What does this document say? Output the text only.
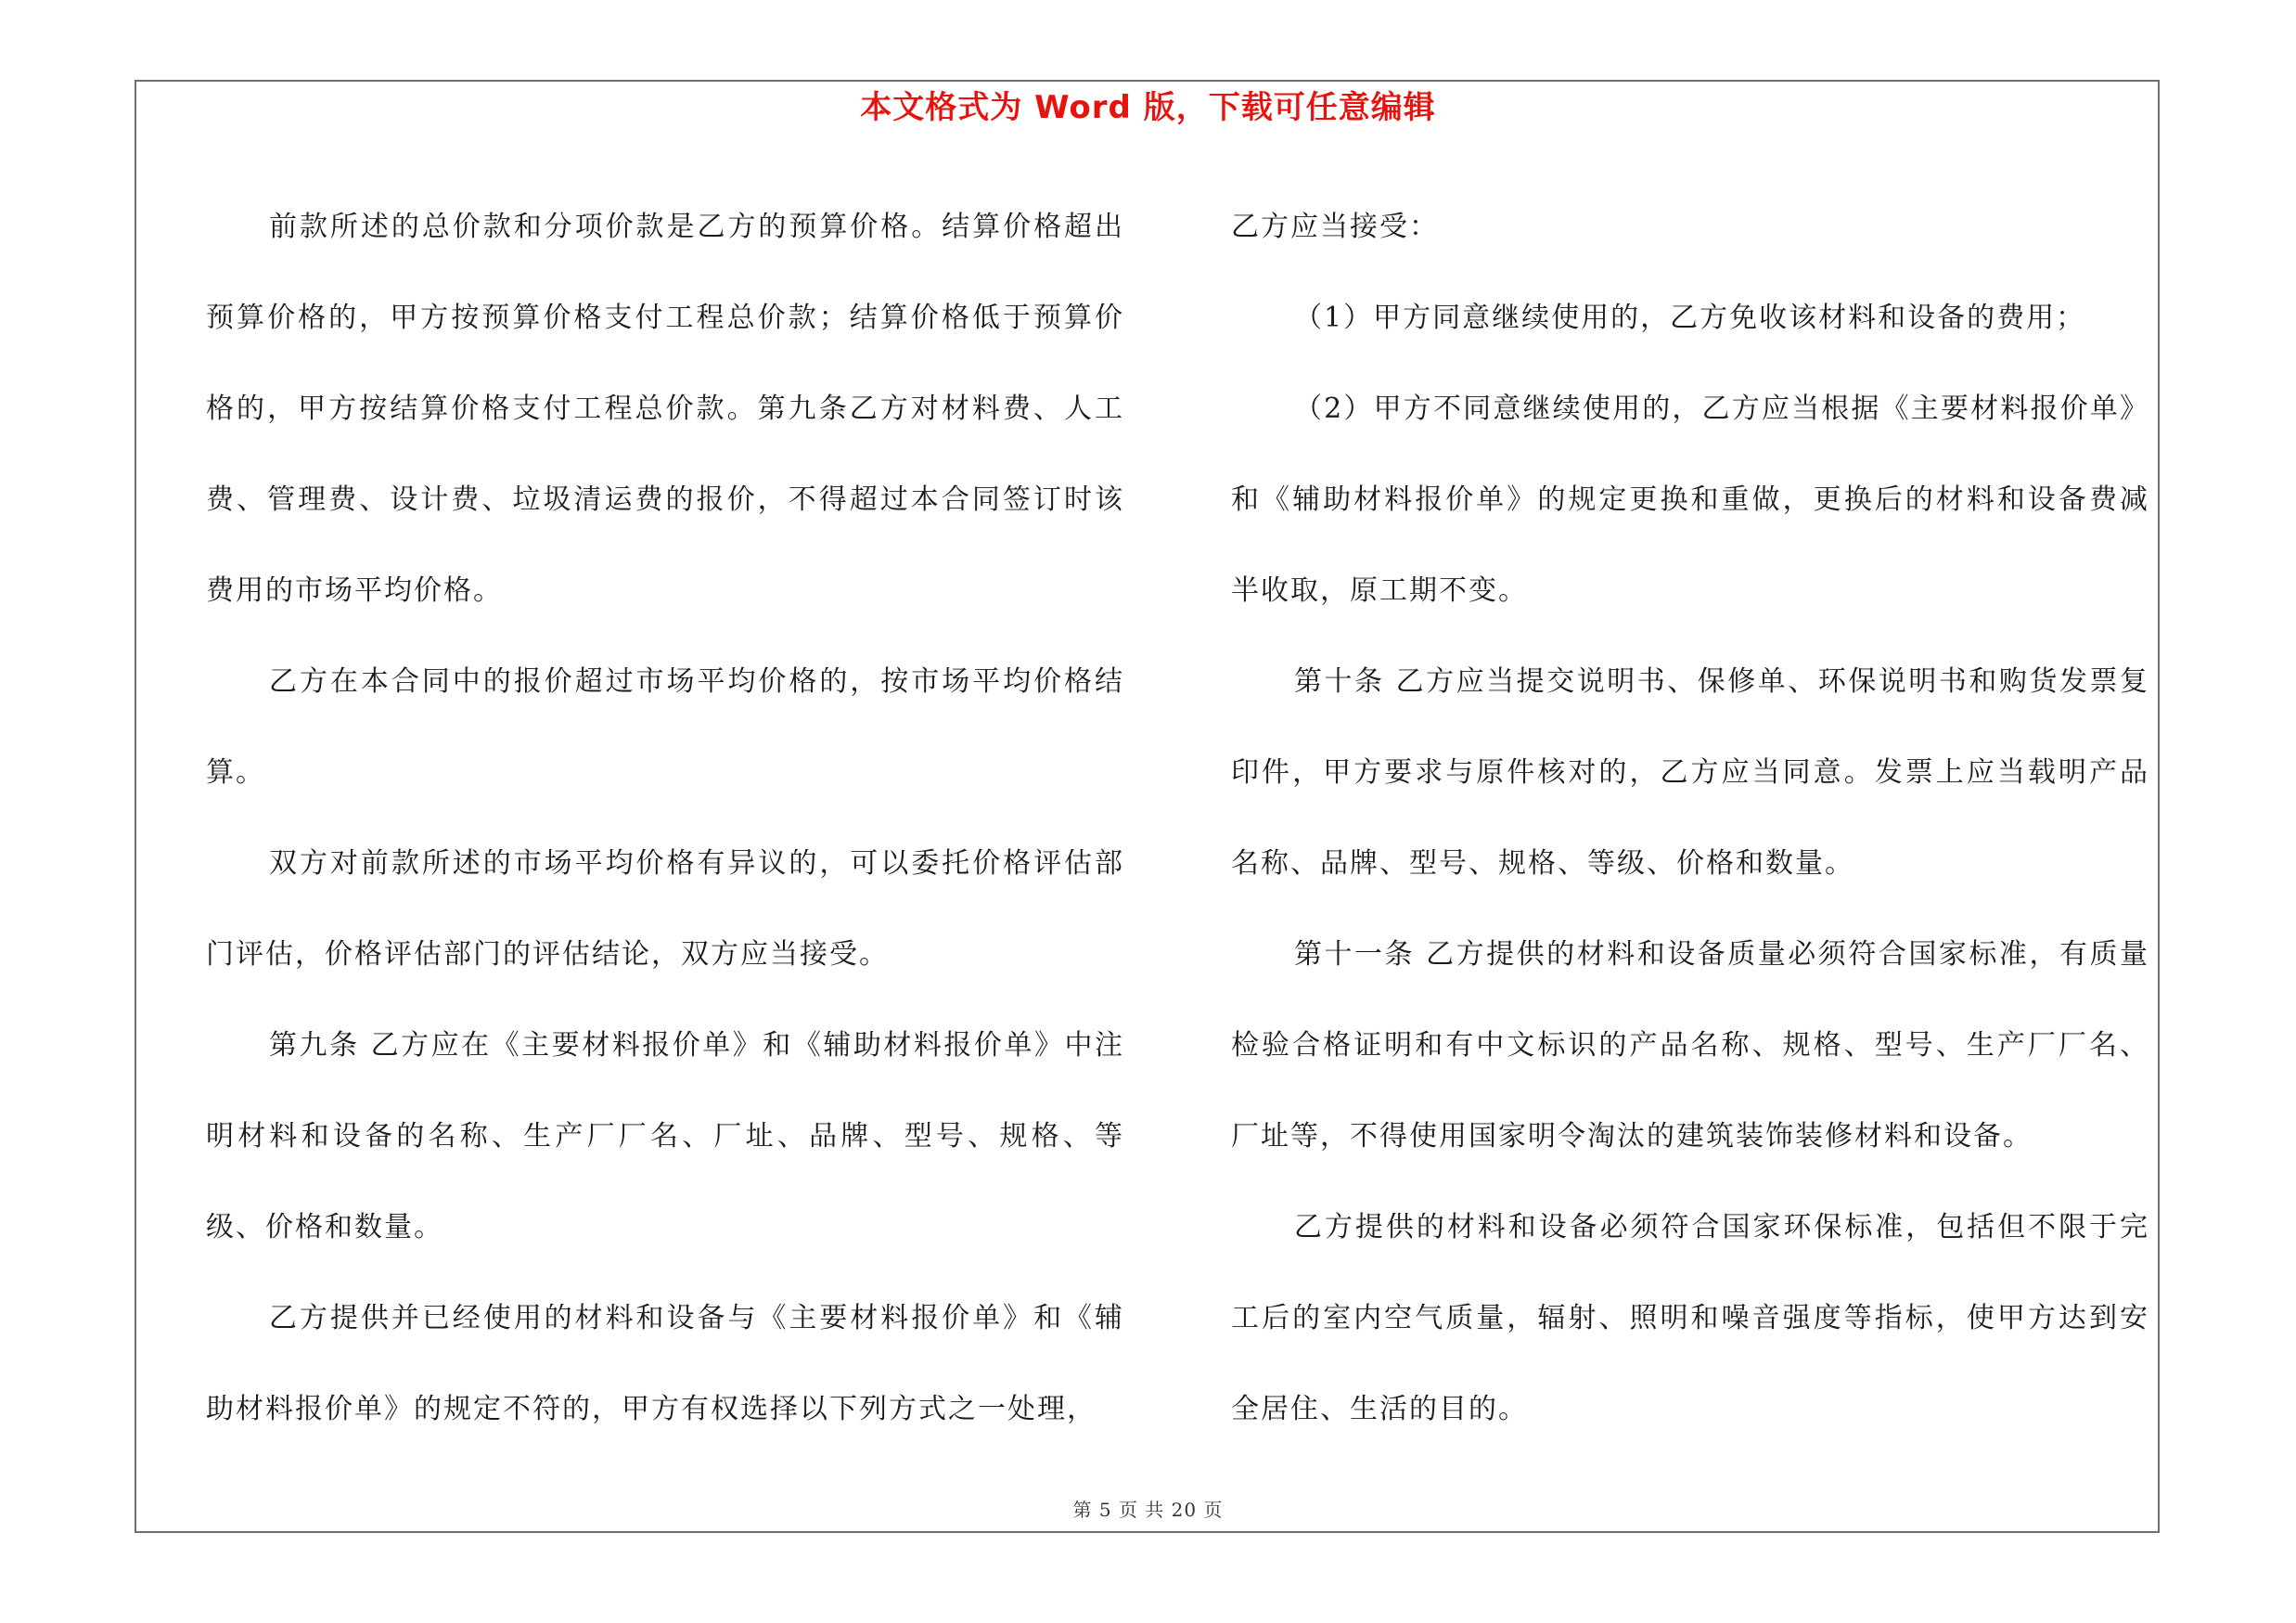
本文格式为 Word 版，下载可任意编辑

前款所述的总价款和分项价款是乙方的预算价格。结算价格超出预算价格的，甲方按预算价格支付工程总价款；结算价格低于预算价格的，甲方按结算价格支付工程总价款。第九条乙方对材料费、人工费、管理费、设计费、垃圾清运费的报价，不得超过本合同签订时该费用的市场平均价格。

乙方在本合同中的报价超过市场平均价格的，按市场平均价格结算。

双方对前款所述的市场平均价格有异议的，可以委托价格评估部门评估，价格评估部门的评估结论，双方应当接受。

第九条 乙方应在《主要材料报价单》和《辅助材料报价单》中注明材料和设备的名称、生产厂厂名、厂址、品牌、型号、规格、等级、价格和数量。

乙方提供并已经使用的材料和设备与《主要材料报价单》和《辅助材料报价单》的规定不符的，甲方有权选择以下列方式之一处理，

乙方应当接受：

（1）甲方同意继续使用的，乙方免收该材料和设备的费用；

（2）甲方不同意继续使用的，乙方应当根据《主要材料报价单》和《辅助材料报价单》的规定更换和重做，更换后的材料和设备费减半收取，原工期不变。

第十条 乙方应当提交说明书、保修单、环保说明书和购货发票复印件，甲方要求与原件核对的，乙方应当同意。发票上应当载明产品名称、品牌、型号、规格、等级、价格和数量。

第十一条 乙方提供的材料和设备质量必须符合国家标准，有质量检验合格证明和有中文标识的产品名称、规格、型号、生产厂厂名、厂址等，不得使用国家明令淘汰的建筑装饰装修材料和设备。

乙方提供的材料和设备必须符合国家环保标准，包括但不限于完工后的室内空气质量，辐射、照明和噪音强度等指标，使甲方达到安全居住、生活的目的。

第 5 页 共 20 页
